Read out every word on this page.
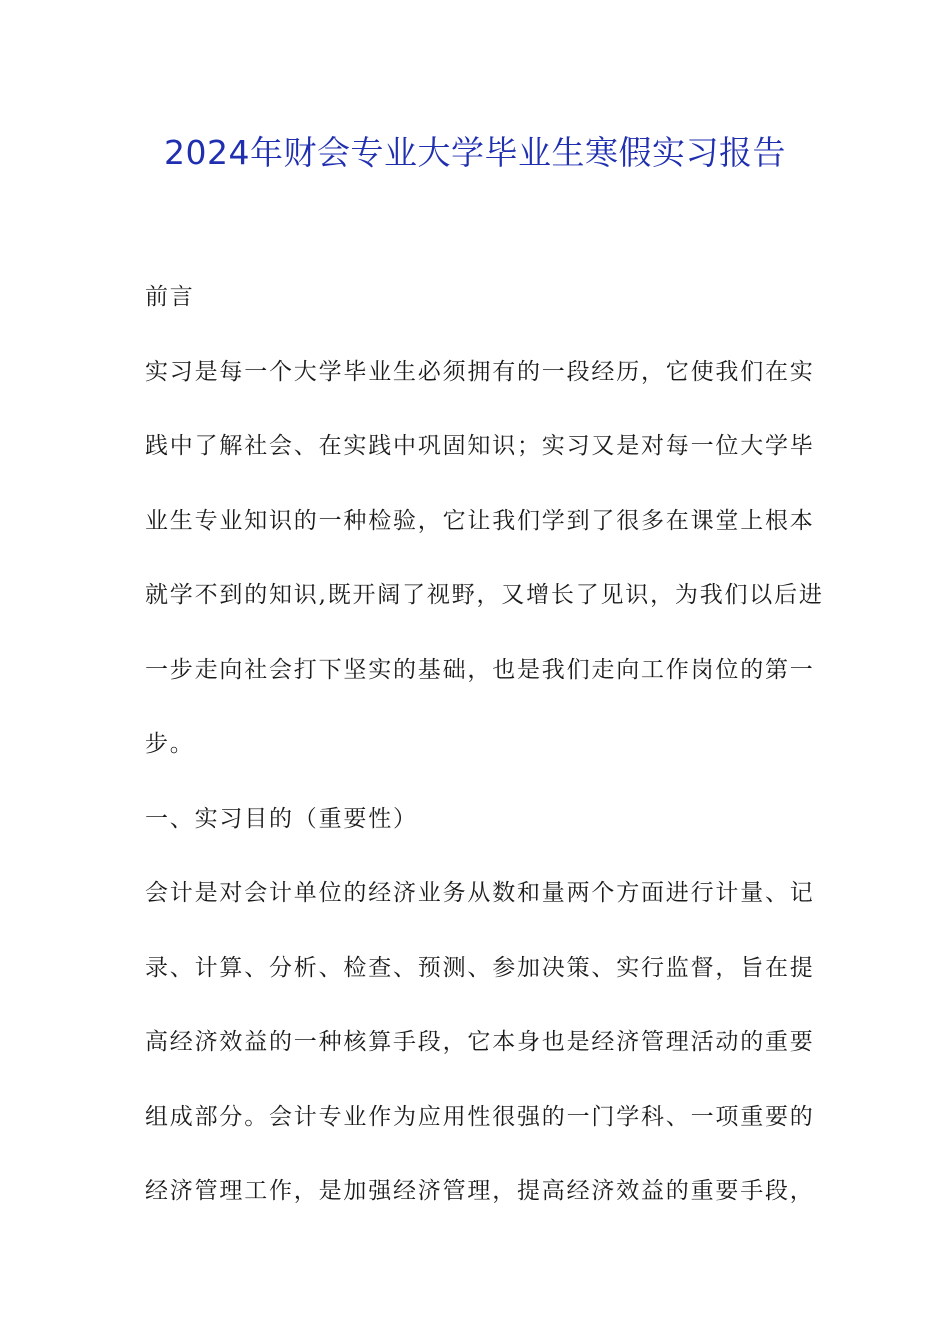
2024年财会专业大学毕业生寒假实习报告
前言
实习是每一个大学毕业生必须拥有的一段经历，它使我们在实
践中了解社会、在实践中巩固知识；实习又是对每一位大学毕
业生专业知识的一种检验，它让我们学到了很多在课堂上根本
就学不到的知识,既开阔了视野，又增长了见识，为我们以后进
一步走向社会打下坚实的基础，也是我们走向工作岗位的第一
步。
一、实习目的（重要性）
会计是对会计单位的经济业务从数和量两个方面进行计量、记
录、计算、分析、检查、预测、参加决策、实行监督，旨在提
高经济效益的一种核算手段，它本身也是经济管理活动的重要
组成部分。会计专业作为应用性很强的一门学科、一项重要的
经济管理工作，是加强经济管理，提高经济效益的重要手段，
